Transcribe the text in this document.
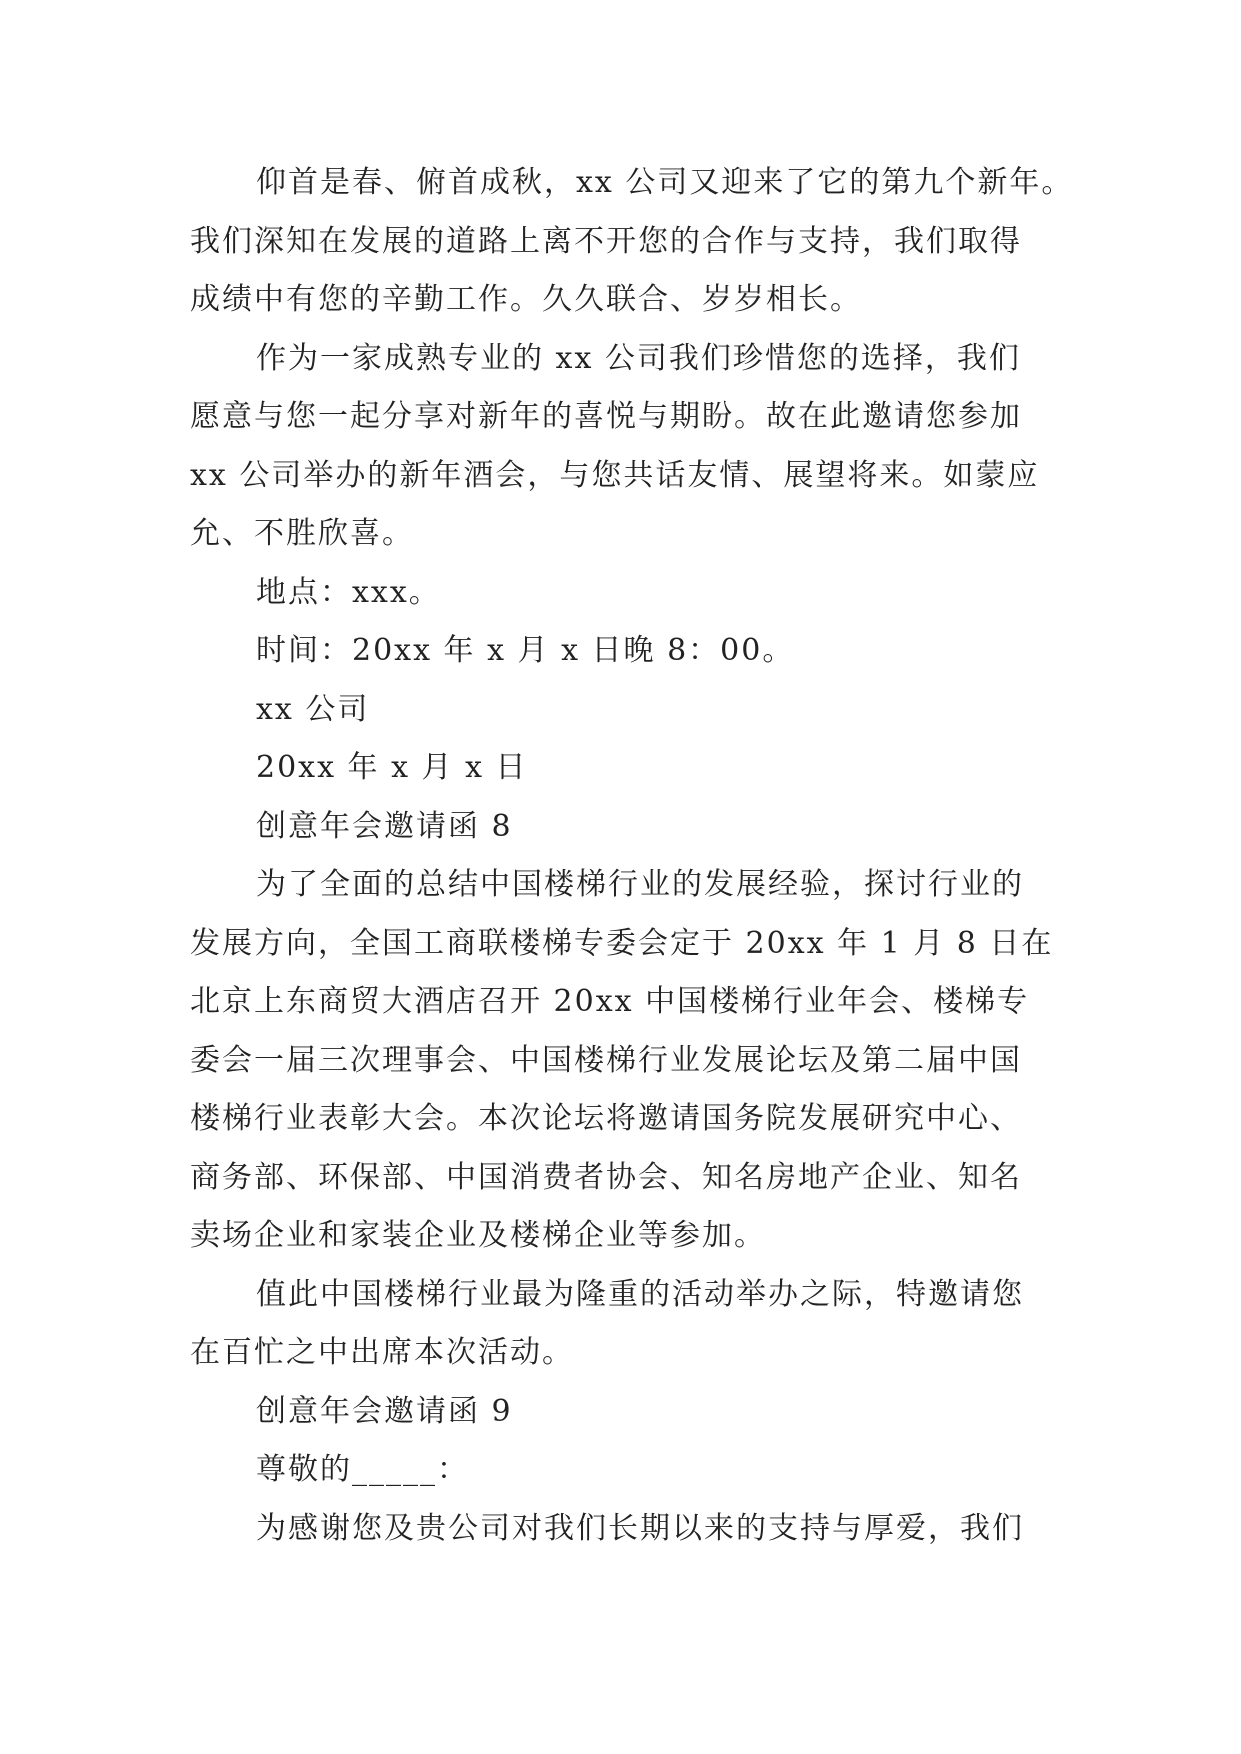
仰首是春、俯首成秋，xx 公司又迎来了它的第九个新年。
我们深知在发展的道路上离不开您的合作与支持，我们取得
成绩中有您的辛勤工作。久久联合、岁岁相长。
作为一家成熟专业的 xx 公司我们珍惜您的选择，我们
愿意与您一起分享对新年的喜悦与期盼。故在此邀请您参加
xx 公司举办的新年酒会，与您共话友情、展望将来。如蒙应
允、不胜欣喜。
地点：xxx。
时间：20xx 年 x 月 x 日晚 8：00。
xx 公司
20xx 年 x 月 x 日
创意年会邀请函 8
为了全面的总结中国楼梯行业的发展经验，探讨行业的
发展方向，全国工商联楼梯专委会定于 20xx 年 1 月 8 日在
北京上东商贸大酒店召开 20xx 中国楼梯行业年会、楼梯专
委会一届三次理事会、中国楼梯行业发展论坛及第二届中国
楼梯行业表彰大会。本次论坛将邀请国务院发展研究中心、
商务部、环保部、中国消费者协会、知名房地产企业、知名
卖场企业和家装企业及楼梯企业等参加。
值此中国楼梯行业最为隆重的活动举办之际，特邀请您
在百忙之中出席本次活动。
创意年会邀请函 9
尊敬的_____：
为感谢您及贵公司对我们长期以来的支持与厚爱，我们
